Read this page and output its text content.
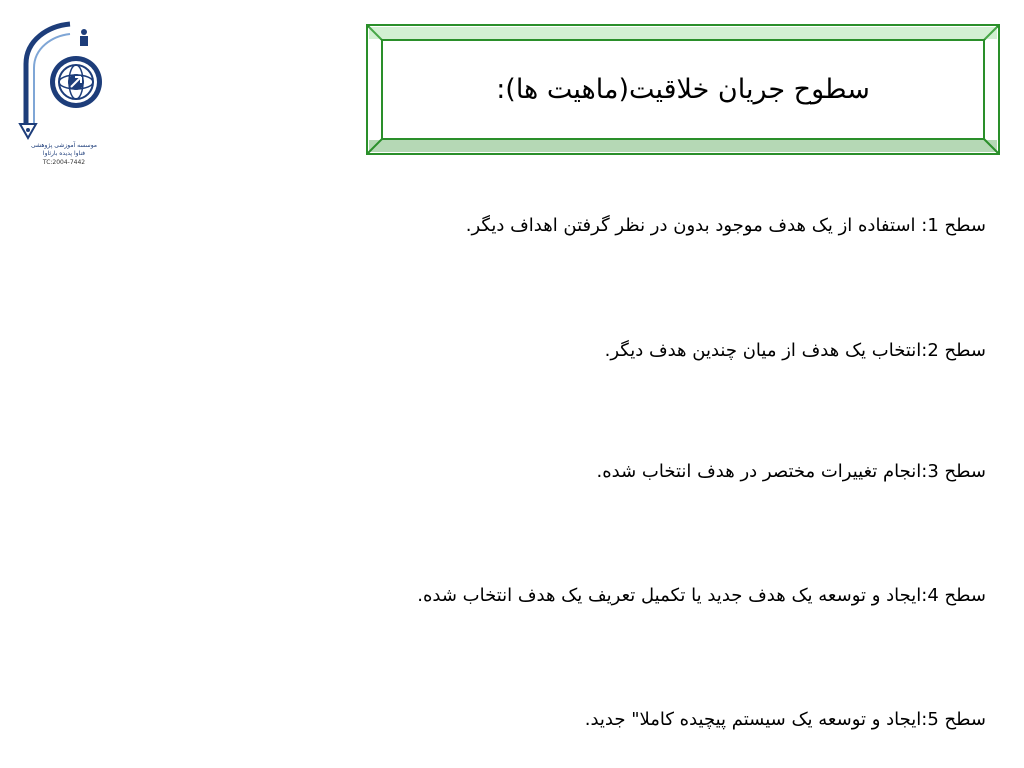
موسسه آموزشی پژوهشی
فناوا پدیده بارثاوا
TC:2004-7442
سطوح جریان خلاقیت(ماهیت ها):
سطح 1: استفاده از یک هدف موجود بدون در نظر گرفتن اهداف دیگر.
سطح 2:انتخاب یک هدف از میان چندین هدف دیگر.
سطح 3:انجام تغییرات مختصر در هدف انتخاب شده.
سطح 4:ایجاد و توسعه یک هدف جدید یا تکمیل تعریف یک هدف انتخاب شده.
سطح 5:ایجاد و توسعه یک سیستم پیچیده کاملا" جدید.
